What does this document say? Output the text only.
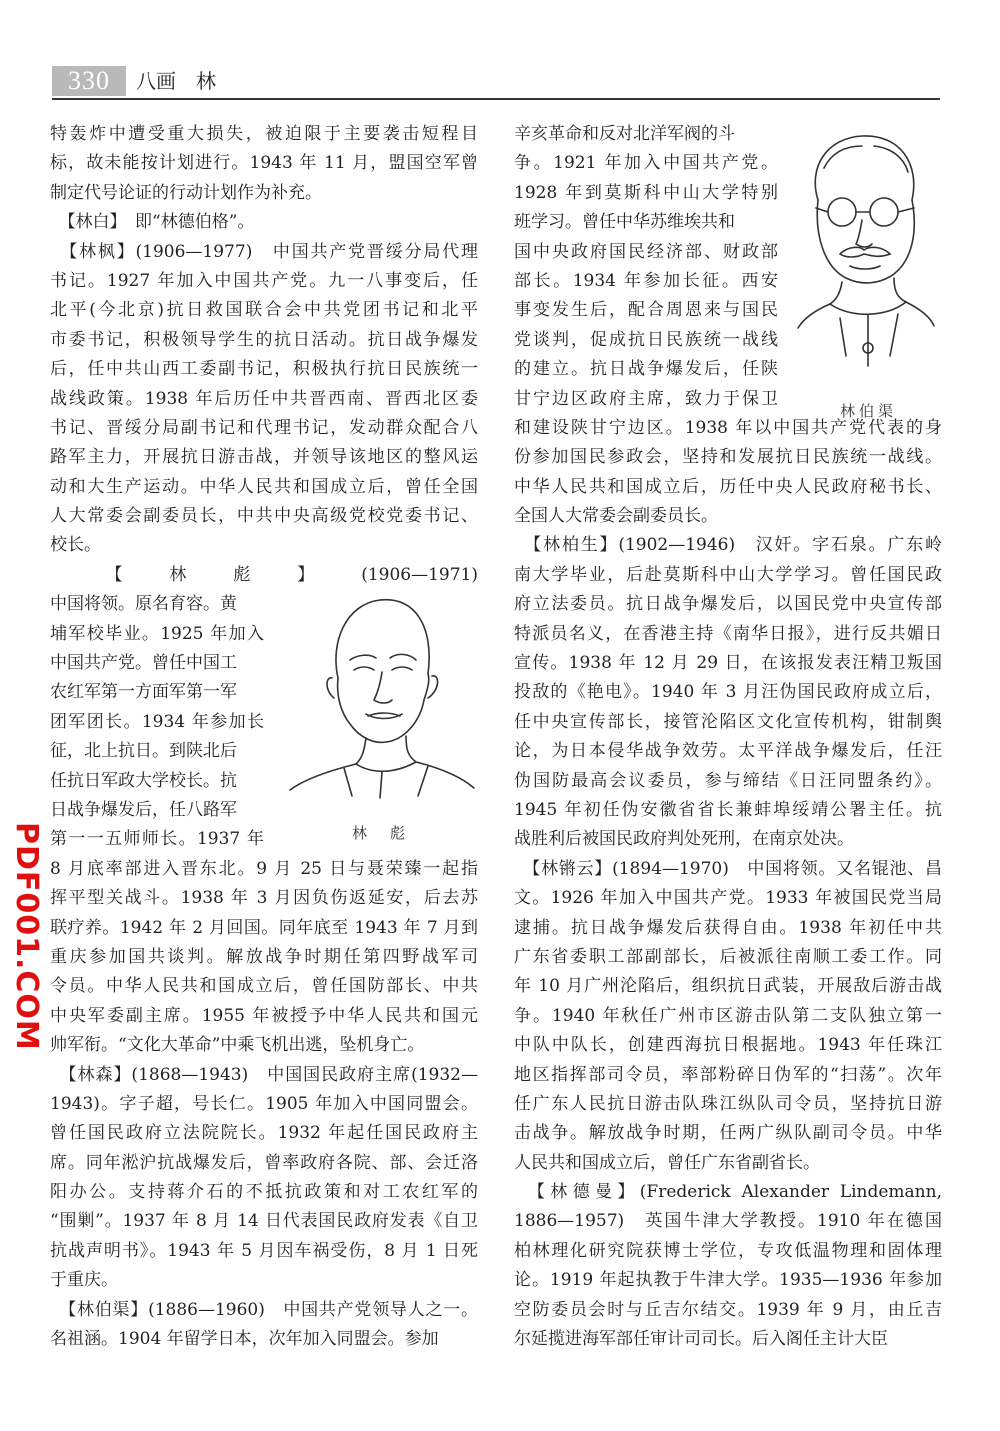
330	八画　林
特轰炸中遭受重大损失，被迫限于主要袭击短程目
标，故未能按计划进行。1943 年 11 月，盟国空军曾
制定代号论证的行动计划作为补充。
　【林白】　即“林德伯格”。
　【林枫】(1906—1977)　中国共产党晋绥分局代理
书记。1927 年加入中国共产党。九一八事变后，任
北平(今北京)抗日救国联合会中共党团书记和北平
市委书记，积极领导学生的抗日活动。抗日战争爆发
后，任中共山西工委副书记，积极执行抗日民族统一
战线政策。1938 年后历任中共晋西南、晋西北区委
书记、晋绥分局副书记和代理书记，发动群众配合八
路军主力，开展抗日游击战，并领导该地区的整风运
动和大生产运动。中华人民共和国成立后，曾任全国
人大常委会副委员长，中共中央高级党校党委书记、
校长。
　【林彪】(1906—1971)
中国将领。原名育容。黄
埔军校毕业。1925 年加入
中国共产党。曾任中国工
农红军第一方面军第一军
团军团长。1934 年参加长
征，北上抗日。到陕北后
任抗日军政大学校长。抗
日战争爆发后，任八路军
第一一五师师长。1937 年
8 月底率部进入晋东北。9 月 25 日与聂荣臻一起指
挥平型关战斗。1938 年 3 月因负伤返延安，后去苏
联疗养。1942 年 2 月回国。同年底至 1943 年 7 月到
重庆参加国共谈判。解放战争时期任第四野战军司
令员。中华人民共和国成立后，曾任国防部长、中共
中央军委副主席。1955 年被授予中华人民共和国元
帅军衔。“文化大革命”中乘飞机出逃，坠机身亡。
　【林森】(1868—1943)　中国国民政府主席(1932—
1943)。字子超，号长仁。1905 年加入中国同盟会。
曾任国民政府立法院院长。1932 年起任国民政府主
席。同年淞沪抗战爆发后，曾率政府各院、部、会迁洛
阳办公。支持蒋介石的不抵抗政策和对工农红军的
“围剿”。1937 年 8 月 14 日代表国民政府发表《自卫
抗战声明书》。1943 年 5 月因车祸受伤，8 月 1 日死
于重庆。
　【林伯渠】(1886—1960)　中国共产党领导人之一。
名祖涵。1904 年留学日本，次年加入同盟会。参加
辛亥革命和反对北洋军阀的斗
争。1921 年加入中国共产党。
1928 年到莫斯科中山大学特别
班学习。曾任中华苏维埃共和
国中央政府国民经济部、财政部
部长。1934 年参加长征。西安
事变发生后，配合周恩来与国民
党谈判，促成抗日民族统一战线
的建立。抗日战争爆发后，任陕
甘宁边区政府主席，致力于保卫
和建设陕甘宁边区。1938 年以中国共产党代表的身
份参加国民参政会，坚持和发展抗日民族统一战线。
中华人民共和国成立后，历任中央人民政府秘书长、
全国人大常委会副委员长。
　【林柏生】(1902—1946)　汉奸。字石泉。广东岭
南大学毕业，后赴莫斯科中山大学学习。曾任国民政
府立法委员。抗日战争爆发后，以国民党中央宣传部
特派员名义，在香港主持《南华日报》，进行反共媚日
宣传。1938 年 12 月 29 日，在该报发表汪精卫叛国
投敌的《艳电》。1940 年 3 月汪伪国民政府成立后，
任中央宣传部长，接管沦陷区文化宣传机构，钳制舆
论，为日本侵华战争效劳。太平洋战争爆发后，任汪
伪国防最高会议委员，参与缔结《日汪同盟条约》。
1945 年初任伪安徽省省长兼蚌埠绥靖公署主任。抗
战胜利后被国民政府判处死刑，在南京处决。
　【林锵云】(1894—1970)　中国将领。又名锟池、昌
文。1926 年加入中国共产党。1933 年被国民党当局
逮捕。抗日战争爆发后获得自由。1938 年初任中共
广东省委职工部副部长，后被派往南顺工委工作。同
年 10 月广州沦陷后，组织抗日武装，开展敌后游击战
争。1940 年秋任广州市区游击队第二支队独立第一
中队中队长，创建西海抗日根据地。1943 年任珠江
地区指挥部司令员，率部粉碎日伪军的“扫荡”。次年
任广东人民抗日游击队珠江纵队司令员，坚持抗日游
击战争。解放战争时期，任两广纵队副司令员。中华
人民共和国成立后，曾任广东省副省长。
　【林德曼】(Frederick Alexander Lindemann,
1886—1957)　英国牛津大学教授。1910 年在德国
柏林理化研究院获博士学位，专攻低温物理和固体理
论。1919 年起执教于牛津大学。1935—1936 年参加
空防委员会时与丘吉尔结交。1939 年 9 月，由丘吉
尔延揽进海军部任审计司司长。后入阁任主计大臣
林　彪
林伯渠
PDF001.COM
